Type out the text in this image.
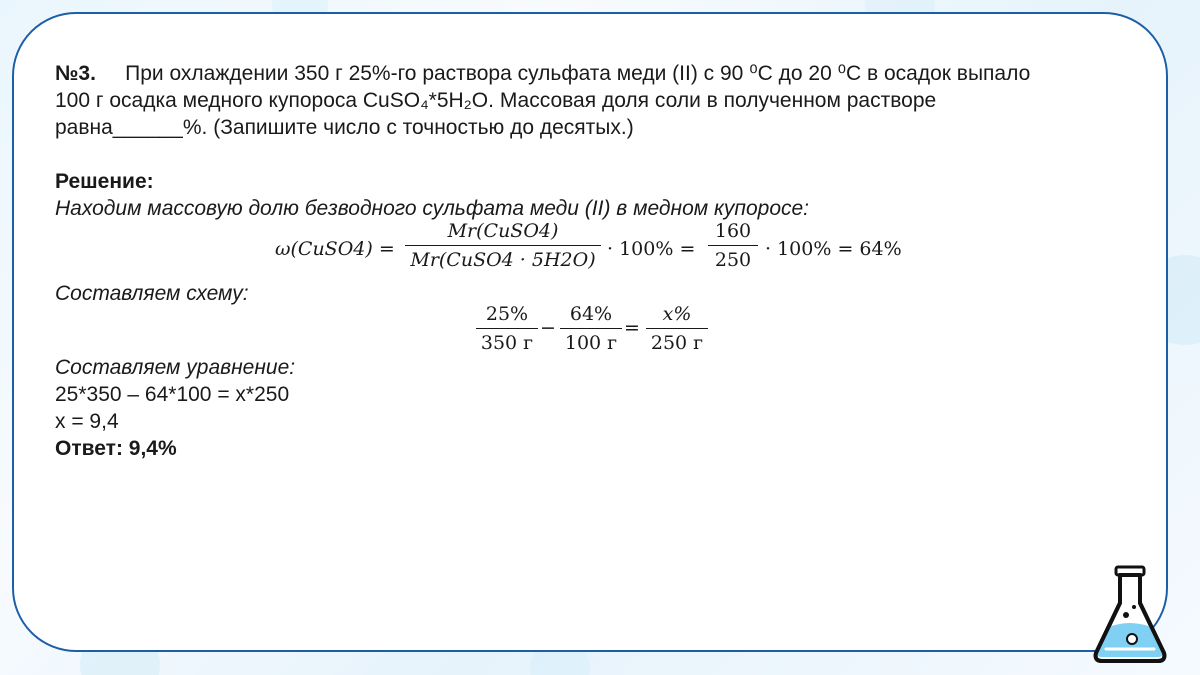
№3. При охлаждении 350 г 25%-го раствора сульфата меди (II) с 90 ⁰С до 20 ⁰С в осадок выпало
100 г осадка медного купороса CuSO₄*5H₂O. Массовая доля соли в полученном растворе
равна______%. (Запишите число с точностью до десятых.)
Решение:
Находим массовую долю безводного сульфата меди (II) в медном купоросе:
ω(CuSO4) =
Mr(CuSO4)
Mr(CuSO4 · 5H2O) · 100% =
160
250 · 100% = 64%
Составляем схему:
25%
350 г
−
64%
100 г
=
x%
250 г
Составляем уравнение:
25*350 – 64*100 = x*250
x = 9,4
Ответ: 9,4%
